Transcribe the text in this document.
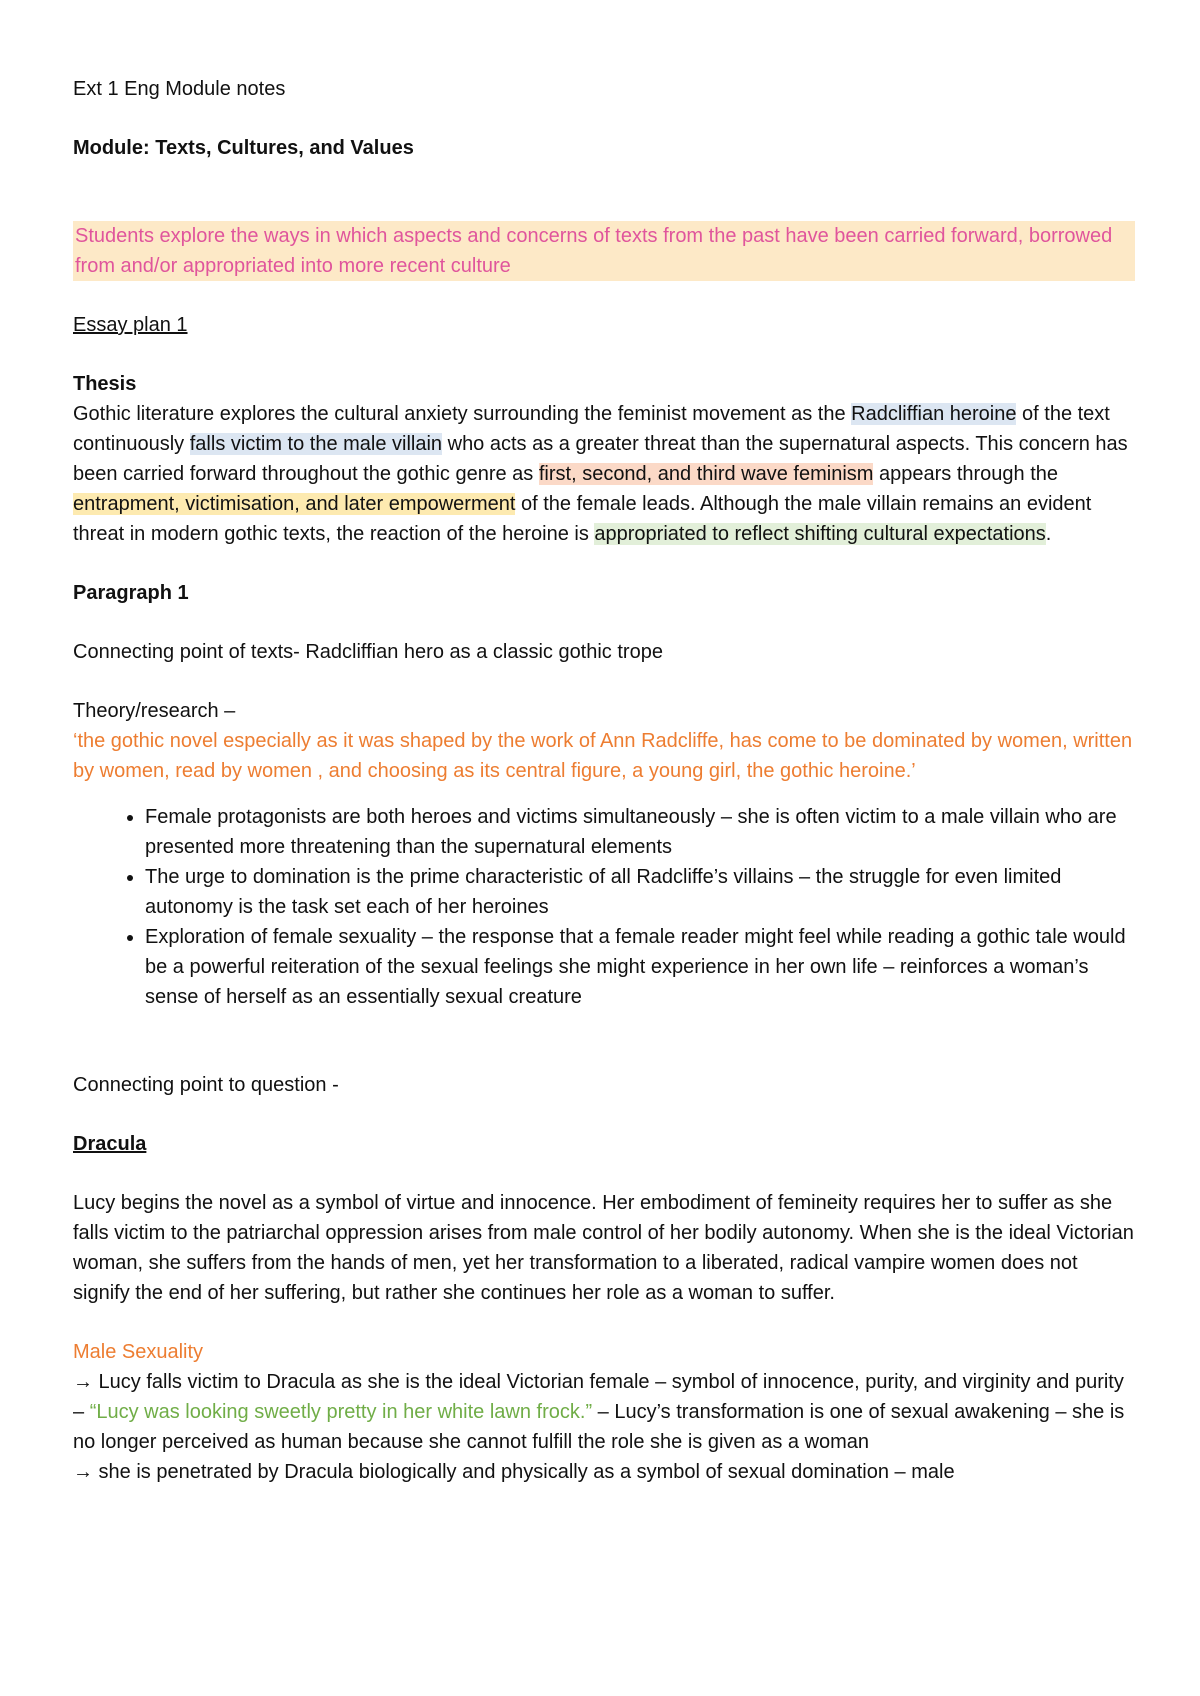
Ext 1 Eng Module notes

Module: Texts, Cultures, and Values

Students explore the ways in which aspects and concerns of texts from the past have been carried forward, borrowed from and/or appropriated into more recent culture

Essay plan 1

Thesis

Gothic literature explores the cultural anxiety surrounding the feminist movement as the Radcliffian heroine of the text continuously falls victim to the male villain who acts as a greater threat than the supernatural aspects. This concern has been carried forward throughout the gothic genre as first, second, and third wave feminism appears through the entrapment, victimisation, and later empowerment of the female leads. Although the male villain remains an evident threat in modern gothic texts, the reaction of the heroine is appropriated to reflect shifting cultural expectations.

Paragraph 1

Connecting point of texts- Radcliffian hero as a classic gothic trope

Theory/research –

‘the gothic novel especially as it was shaped by the work of Ann Radcliffe, has come to be dominated by women, written by women, read by women , and choosing as its central figure, a young girl, the gothic heroine.’

• Female protagonists are both heroes and victims simultaneously – she is often victim to a male villain who are presented more threatening than the supernatural elements
• The urge to domination is the prime characteristic of all Radcliffe’s villains – the struggle for even limited autonomy is the task set each of her heroines
• Exploration of female sexuality – the response that a female reader might feel while reading a gothic tale would be a powerful reiteration of the sexual feelings she might experience in her own life – reinforces a woman’s sense of herself as an essentially sexual creature

Connecting point to question -

Dracula

Lucy begins the novel as a symbol of virtue and innocence. Her embodiment of femineity requires her to suffer as she falls victim to the patriarchal oppression arises from male control of her bodily autonomy. When she is the ideal Victorian woman, she suffers from the hands of men, yet her transformation to a liberated, radical vampire women does not signify the end of her suffering, but rather she continues her role as a woman to suffer.

Male Sexuality

→ Lucy falls victim to Dracula as she is the ideal Victorian female – symbol of innocence, purity, and virginity and purity – “Lucy was looking sweetly pretty in her white lawn frock.” – Lucy’s transformation is one of sexual awakening – she is no longer perceived as human because she cannot fulfill the role she is given as a woman

→ she is penetrated by Dracula biologically and physically as a symbol of sexual domination – male
